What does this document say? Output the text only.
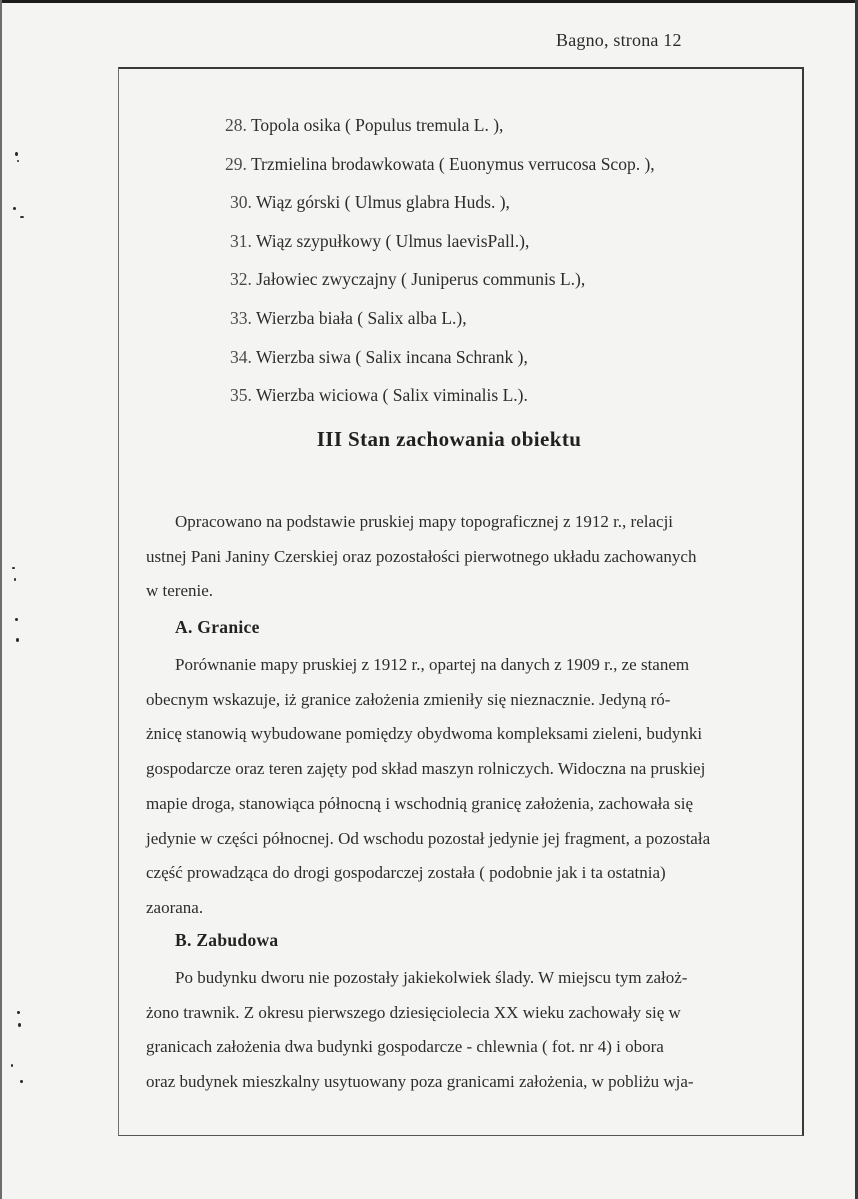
Bagno, strona 12
28. Topola osika ( Populus tremula L. ),
29. Trzmielina brodawkowata ( Euonymus verrucosa Scop. ),
30. Wiąz górski ( Ulmus glabra Huds. ),
31. Wiąz szypułkowy ( Ulmus laevisPall.),
32. Jałowiec zwyczajny ( Juniperus communis L.),
33. Wierzba biała ( Salix alba L.),
34. Wierzba siwa ( Salix incana Schrank ),
35. Wierzba wiciowa ( Salix viminalis L.).
III Stan zachowania obiektu
Opracowano na podstawie pruskiej mapy topograficznej z 1912 r., relacji
ustnej Pani Janiny Czerskiej oraz pozostałości pierwotnego układu zachowanych
w terenie.
A. Granice
Porównanie mapy pruskiej z 1912 r., opartej na danych z 1909 r., ze stanem
obecnym wskazuje, iż granice założenia zmieniły się nieznacznie. Jedyną ró-
żnicę stanowią wybudowane pomiędzy obydwoma kompleksami zieleni, budynki
gospodarcze oraz teren zajęty pod skład maszyn rolniczych. Widoczna na pruskiej
mapie droga, stanowiąca północną i wschodnią granicę założenia, zachowała się
jedynie w części północnej. Od wschodu pozostał jedynie jej fragment, a pozostała
część prowadząca do drogi gospodarczej została ( podobnie jak i ta ostatnia)
zaorana.
B. Zabudowa
Po budynku dworu nie pozostały jakiekolwiek ślady. W miejscu tym założ-
żono trawnik. Z okresu pierwszego dziesięciolecia XX wieku zachowały się w
granicach założenia dwa budynki gospodarcze - chlewnia ( fot. nr 4) i obora
oraz budynek mieszkalny usytuowany poza granicami założenia, w pobliżu wja-
